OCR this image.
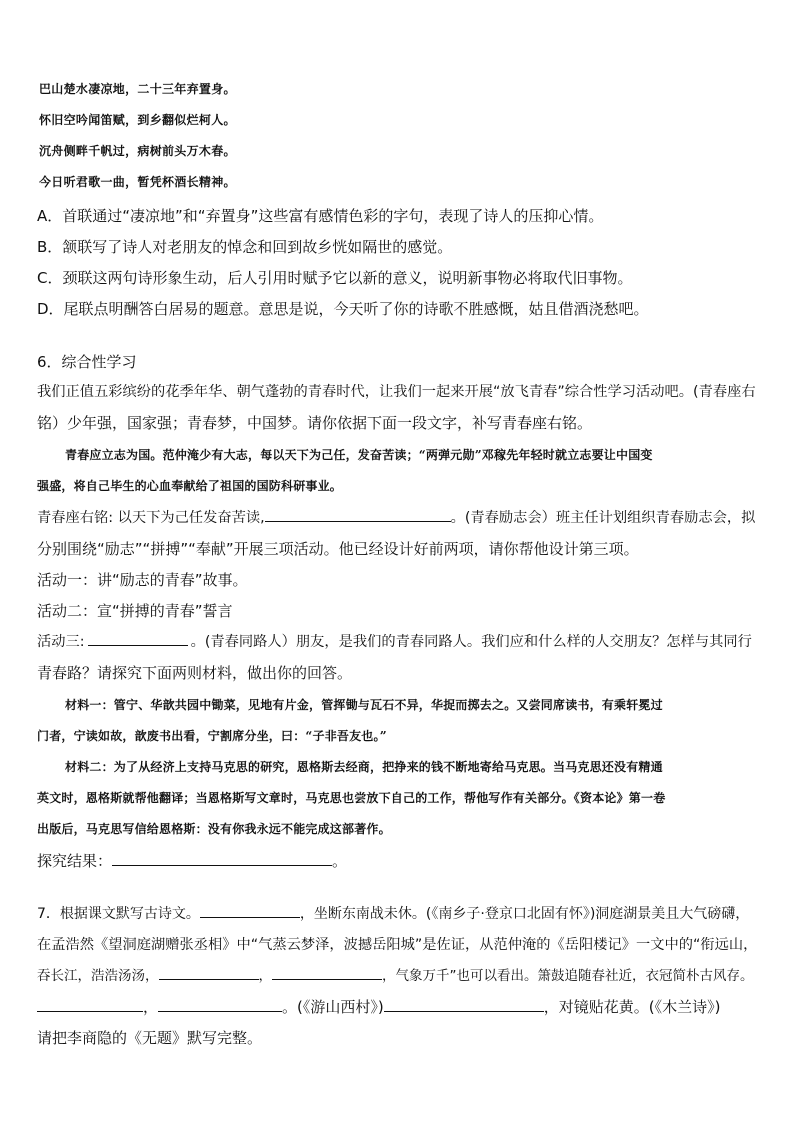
巴山楚水凄凉地，二十三年弃置身。
怀旧空吟闻笛赋，到乡翻似烂柯人。
沉舟侧畔千帆过，病树前头万木春。
今日听君歌一曲，暂凭杯酒长精神。
A．首联通过“凄凉地”和“弃置身”这些富有感情色彩的字句，表现了诗人的压抑心情。
B．颔联写了诗人对老朋友的悼念和回到故乡恍如隔世的感觉。
C．颈联这两句诗形象生动，后人引用时赋予它以新的意义，说明新事物必将取代旧事物。
D．尾联点明酬答白居易的题意。意思是说，今天听了你的诗歌不胜感慨，姑且借酒浇愁吧。
6．综合性学习
我们正值五彩缤纷的花季年华、朝气蓬勃的青春时代，让我们一起来开展“放飞青春”综合性学习活动吧。(青春座右
铭）少年强，国家强；青春梦，中国梦。请你依据下面一段文字，补写青春座右铭。
青春应立志为国。范仲淹少有大志，每以天下为己任，发奋苦读；“两弹元勋”邓稼先年轻时就立志要让中国变
强盛，将自己毕生的心血奉献给了祖国的国防科研事业。
青春座右铭: 以天下为己任发奋苦读,	。(青春励志会）班主任计划组织青春励志会，拟
分别围绕“励志”“拼搏”“奉献”开展三项活动。他已经设计好前两项，请你帮他设计第三项。
活动一：讲“励志的青春”故事。
活动二：宣“拼搏的青春”誓言
活动三:	。(青春同路人）朋友，是我们的青春同路人。我们应和什么样的人交朋友？怎样与其同行
青春路？请探究下面两则材料，做出你的回答。
材料一：管宁、华歆共园中锄菜，见地有片金，管挥锄与瓦石不异，华捉而掷去之。又尝同席读书，有乘轩冕过
门者，宁读如故，歆废书出看，宁割席分坐，曰：“子非吾友也。”
材料二：为了从经济上支持马克思的研究，恩格斯去经商，把挣来的钱不断地寄给马克思。当马克思还没有精通
英文时，恩格斯就帮他翻译；当恩格斯写文章时，马克思也尝放下自己的工作，帮他写作有关部分。《资本论》第一卷
出版后，马克思写信给恩格斯：没有你我永远不能完成这部著作。
探究结果：	。
7．根据课文默写古诗文。	，坐断东南战未休。(《南乡子·登京口北固有怀》)洞庭湖景美且大气磅礴，
在孟浩然《望洞庭湖赠张丞相》中“气蒸云梦泽，波撼岳阳城”是佐证，从范仲淹的《岳阳楼记》一文中的“衔远山，
吞长江，浩浩汤汤，	，	，气象万千”也可以看出。箫鼓追随春社近，衣冠简朴古风存。
，	。(《游山西村》)	，对镜贴花黄。(《木兰诗》)
请把李商隐的《无题》默写完整。
